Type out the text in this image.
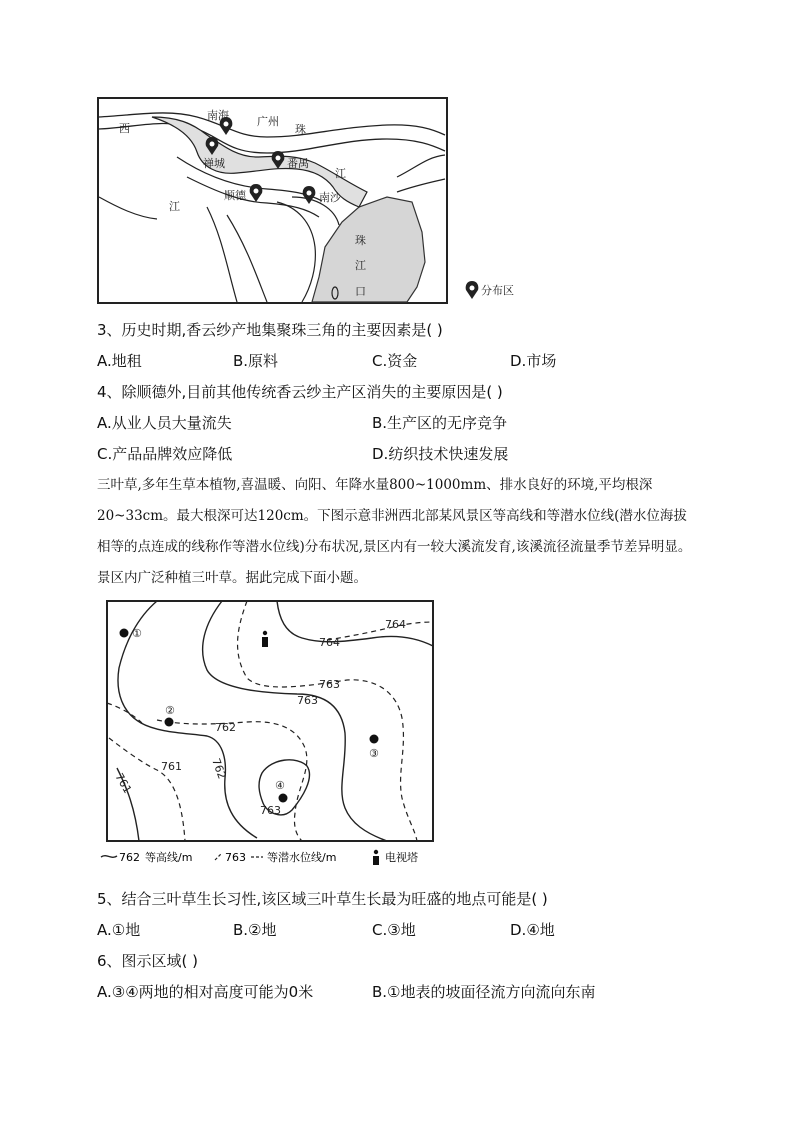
西
南海	广州
珠
禅城	番禺
江
顺德	南沙
江
珠
江
口	分布区
3、历史时期,香云纱产地集聚珠三角的主要因素是( )
A.地租	B.原料	C.资金	D.市场
4、除顺德外,目前其他传统香云纱主产区消失的主要原因是( )
A.从业人员大量流失	B.生产区的无序竞争
C.产品品牌效应降低	D.纺织技术快速发展
三叶草,多年生草本植物,喜温暖、向阳、年降水量800~1000mm、排水良好的环境,平均根深20~33cm。最大根深可达120cm。下图示意非洲西北部某风景区等高线和等潜水位线(潜水位海拔相等的点连成的线称作等潜水位线)分布状况,景区内有一较大溪流发育,该溪流径流量季节差异明显。景区内广泛种植三叶草。据此完成下面小题。
764
764
763
763
763
762
762
761
761
①
②
③
④
762 等高线/m	763 等潜水位线/m	电视塔
5、结合三叶草生长习性,该区域三叶草生长最为旺盛的地点可能是( )
A.①地	B.②地	C.③地	D.④地
6、图示区域( )
A.③④两地的相对高度可能为0米	B.①地表的坡面径流方向流向东南
